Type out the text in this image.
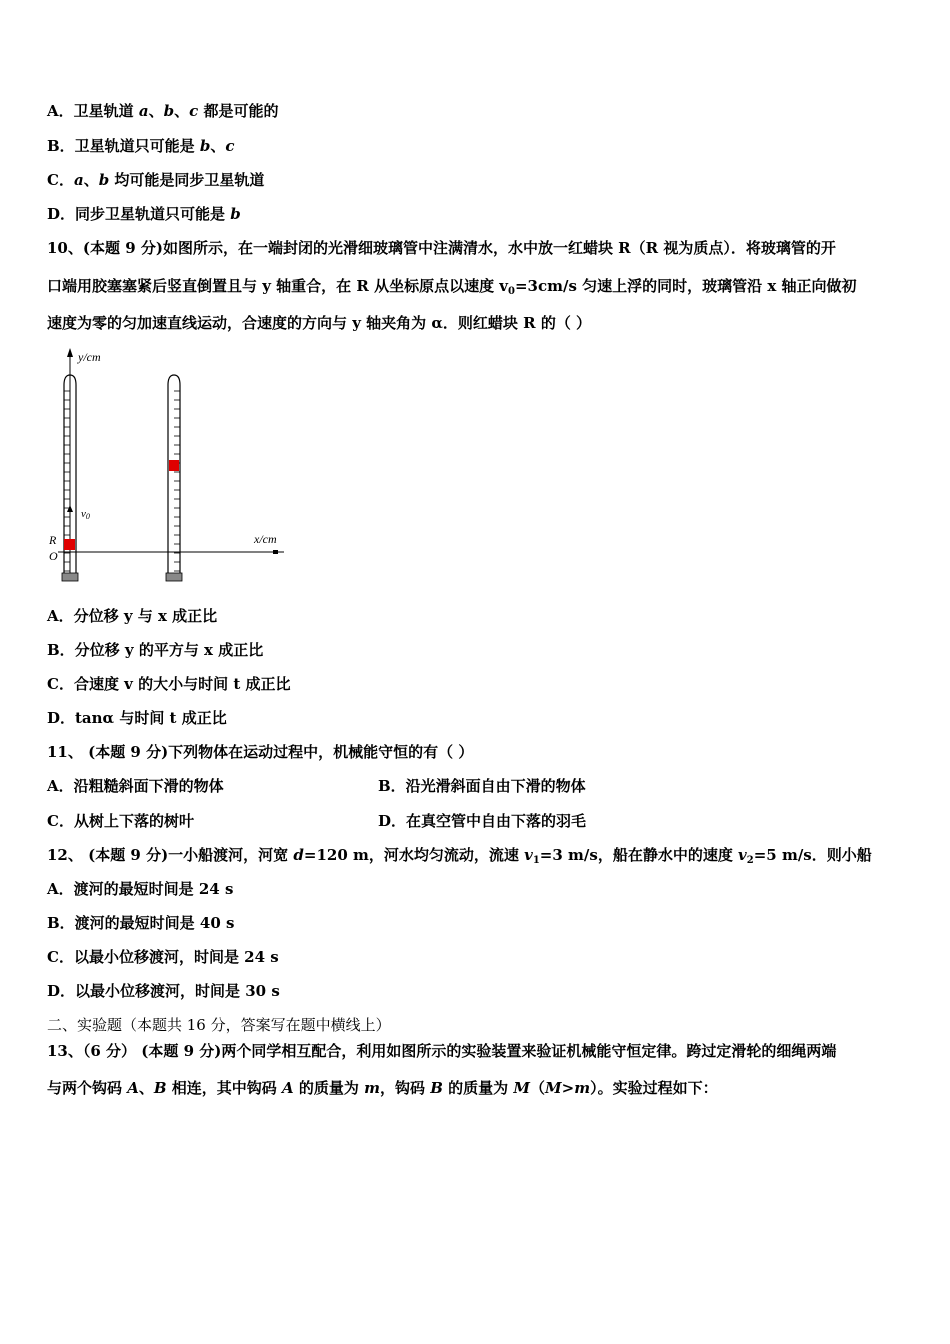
A．卫星轨道 a、b、c 都是可能的
B．卫星轨道只可能是 b、c
C．a、b 均可能是同步卫星轨道
D．同步卫星轨道只可能是 b
10、(本题 9 分)如图所示，在一端封闭的光滑细玻璃管中注满清水，水中放一红蜡块 R（R 视为质点）．将玻璃管的开
口端用胶塞塞紧后竖直倒置且与 y 轴重合，在 R 从坐标原点以速度 $v_0=3cm/s$ 匀速上浮的同时，玻璃管沿 x 轴正向做初
速度为零的匀加速直线运动，合速度的方向与 y 轴夹角为 α．则红蜡块 R 的（ ）
y/cm
x/cm
v0
R
O
A．分位移 y 与 x 成正比
B．分位移 y 的平方与 x 成正比
C．合速度 v 的大小与时间 t 成正比
D．tanα 与时间 t 成正比
11、 (本题 9 分)下列物体在运动过程中，机械能守恒的有（ ）
A．沿粗糙斜面下滑的物体	B．沿光滑斜面自由下滑的物体
C．从树上下落的树叶	D．在真空管中自由下落的羽毛
12、 (本题 9 分)一小船渡河，河宽 d=120 m，河水均匀流动，流速 $v_1=3$ m/s，船在静水中的速度 $v_2=5$ m/s．则小船
A．渡河的最短时间是 24 s
B．渡河的最短时间是 40 s
C．以最小位移渡河，时间是 24 s
D．以最小位移渡河，时间是 30 s
二、实验题（本题共 16 分，答案写在题中横线上）
13、（6 分） (本题 9 分)两个同学相互配合，利用如图所示的实验装置来验证机械能守恒定律。跨过定滑轮的细绳两端
与两个钩码 A、B 相连，其中钩码 A 的质量为 m，钩码 B 的质量为 M（M>m）。实验过程如下：
